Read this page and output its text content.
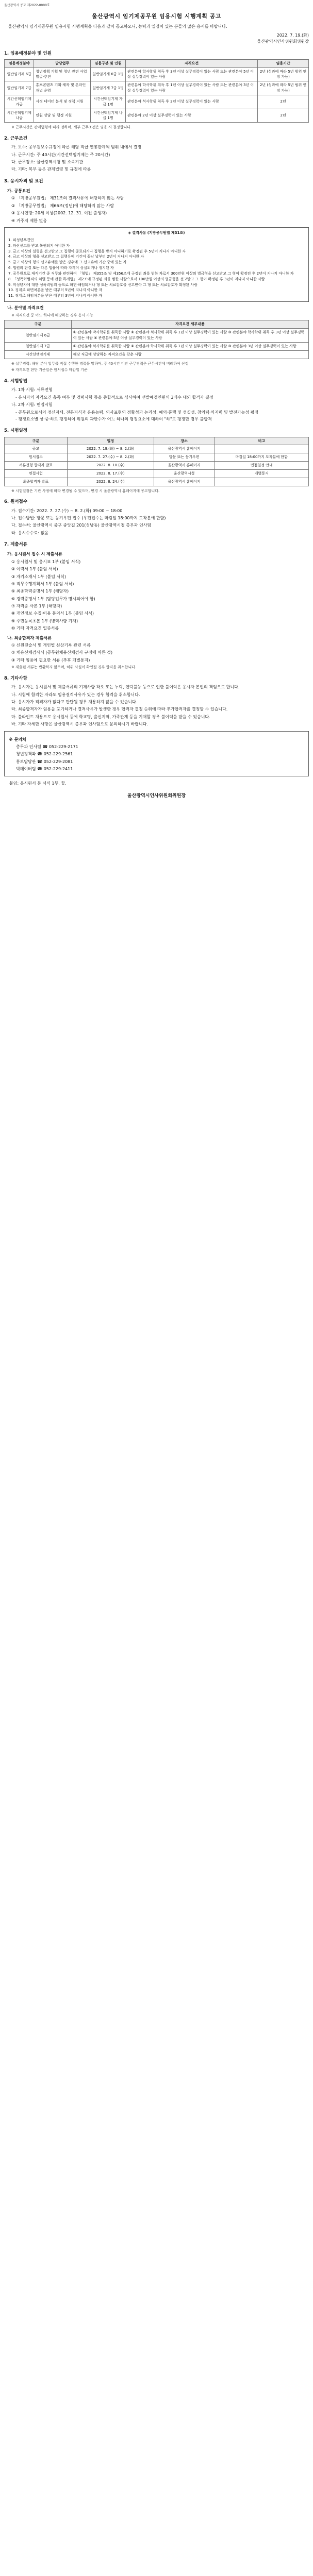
울산광역시 공고 제2022-0000호
울산광역시 임기제공무원 임용시험 시행계획 공고

울산광역시 임기제공무원 임용시험 시행계획을 다음과 같이 공고하오니, 능력과 열정이 있는 분들의 많은 응시를 바랍니다.

2022. 7. 19.(화)

울산광역시인사위원회위원장

1. 임용예정분야 및 인원
임용예정분야	담당업무	임용구분 및 인원	자격요건	임용기간
일반임기제 6급	청년정책 기획 및 청년 관련 사업 발굴·추진	일반임기제 6급 1명	관련분야 학사학위 취득 후 3년 이상 실무경력이 있는 사람 또는 관련분야 5년 이상 실무경력이 있는 사람	2년 (성과에 따라 5년 범위 연장 가능)
일반임기제 7급	홍보콘텐츠 기획·제작 및 온라인 채널 운영	일반임기제 7급 1명	관련분야 학사학위 취득 후 1년 이상 실무경력이 있는 사람 또는 관련분야 3년 이상 실무경력이 있는 사람	2년 (성과에 따라 5년 범위 연장 가능)
시간선택임기제 가급	시정 데이터 분석 및 정책 지원	시간선택임기제 가급 1명	관련분야 석사학위 취득 후 2년 이상 실무경력이 있는 사람	2년
시간선택임기제 나급	민원 상담 및 행정 지원	시간선택임기제 나급 1명	관련분야 2년 이상 실무경력이 있는 사람	2년
※ 근무시간은 관계법령에 따라 정하며, 세부 근무조건은 임용 시 결정합니다.
2. 근무조건
가. 보수: 공무원보수규정에 따른 해당 직급 연봉한계액 범위 내에서 결정
나. 근무시간: 주 40시간(시간선택임기제는 주 20시간)
다. 근무장소: 울산광역시청 및 소속기관
라. 기타: 복무 등은 관계법령 및 규정에 따름
3. 응시자격 및 요건
가. 공통요건
① 「지방공무원법」 제31조의 결격사유에 해당하지 않는 사람
② 「지방공무원법」 제66조(정년)에 해당하지 않는 사람
③ 응시연령: 20세 이상(2002. 12. 31. 이전 출생자)
④ 거주지 제한 없음
◈ 결격사유 (지방공무원법 제31조)
1. 피성년후견인
2. 파산선고를 받고 복권되지 아니한 자
3. 금고 이상의 실형을 선고받고 그 집행이 종료되거나 집행을 받지 아니하기로 확정된 후 5년이 지나지 아니한 자
4. 금고 이상의 형을 선고받고 그 집행유예 기간이 끝난 날부터 2년이 지나지 아니한 자
5. 금고 이상의 형의 선고유예를 받은 경우에 그 선고유예 기간 중에 있는 자
6. 법원의 판결 또는 다른 법률에 따라 자격이 상실되거나 정지된 자
7. 공무원으로 재직기간 중 직무와 관련하여 「형법」 제355조 및 제356조에 규정된 죄를 범한 자로서 300만원 이상의 벌금형을 선고받고 그 형이 확정된 후 2년이 지나지 아니한 자
8. 「성폭력범죄의 처벌 등에 관한 특례법」 제2조에 규정된 죄를 범한 사람으로서 100만원 이상의 벌금형을 선고받고 그 형이 확정된 후 3년이 지나지 아니한 사람
9. 미성년자에 대한 성폭력범죄 등으로 파면·해임되거나 형 또는 치료감호를 선고받아 그 형 또는 치료감호가 확정된 사람
10. 징계로 파면처분을 받은 때부터 5년이 지나지 아니한 자
11. 징계로 해임처분을 받은 때부터 3년이 지나지 아니한 자
나. 분야별 자격요건
※ 자격요건 중 어느 하나에 해당하는 경우 응시 가능
구분	자격요건 세부내용
일반임기제 6급	① 관련분야 박사학위를 취득한 사람 ② 관련분야 석사학위 취득 후 1년 이상 실무경력이 있는 사람 ③ 관련분야 학사학위 취득 후 3년 이상 실무경력이 있는 사람 ④ 관련분야 5년 이상 실무경력이 있는 사람
일반임기제 7급	① 관련분야 석사학위를 취득한 사람 ② 관련분야 학사학위 취득 후 1년 이상 실무경력이 있는 사람 ③ 관련분야 3년 이상 실무경력이 있는 사람
시간선택임기제	해당 직급에 상당하는 자격요건을 갖춘 사람
※ 실무경력: 해당 분야 업무를 직접 수행한 경력을 말하며, 주 40시간 미만 근무경력은 근무시간에 비례하여 산정
※ 자격요건 판단 기준일은 원서접수 마감일 기준
4. 시험방법
가. 1차 시험: 서류전형
- 응시자의 자격요건 충족 여부 및 경력사항 등을 종합적으로 심사하여 선발예정인원의 3배수 내외 합격자 결정
나. 2차 시험: 면접시험
- 공무원으로서의 정신자세, 전문지식과 응용능력, 의사표현의 정확성과 논리성, 예의·품행 및 성실성, 창의력·의지력 및 발전가능성 평정
- 평정요소별 상·중·하로 평정하여 위원의 과반수가 어느 하나의 평정요소에 대하여 "하"로 평정한 경우 불합격
5. 시험일정
구분	일정	장소	비고
공고	2022. 7. 19.(화) ~ 8. 2.(화)	울산광역시 홈페이지	
원서접수	2022. 7. 27.(수) ~ 8. 2.(화)	방문 또는 등기우편	마감일 18:00까지 도착분에 한함
서류전형 합격자 발표	2022. 8. 10.(수)	울산광역시 홈페이지	면접일정 안내
면접시험	2022. 8. 17.(수)	울산광역시청	개별통지
최종합격자 발표	2022. 8. 24.(수)	울산광역시 홈페이지	
※ 시험일정은 기관 사정에 따라 변경될 수 있으며, 변경 시 울산광역시 홈페이지에 공고합니다.
6. 원서접수
가. 접수기간: 2022. 7. 27.(수) ~ 8. 2.(화) 09:00 ~ 18:00
나. 접수방법: 방문 또는 등기우편 접수 (우편접수는 마감일 18:00까지 도착분에 한함)
다. 접수처: 울산광역시 중구 중앙길 201(성남동) 울산광역시청 총무과 인사팀
라. 응시수수료: 없음
7. 제출서류
가. 응시원서 접수 시 제출서류
① 응시원서 및 응시표 1부 (붙임 서식)
② 이력서 1부 (붙임 서식)
③ 자기소개서 1부 (붙임 서식)
④ 직무수행계획서 1부 (붙임 서식)
⑤ 최종학력증명서 1부 (해당자)
⑥ 경력증명서 1부 (담당업무가 명시되어야 함)
⑦ 자격증 사본 1부 (해당자)
⑧ 개인정보 수집·이용 동의서 1부 (붙임 서식)
⑨ 주민등록초본 1부 (병역사항 기재)
⑩ 기타 자격요건 입증서류
나. 최종합격자 제출서류
① 신원진술서 및 개인별 신상기록 관련 서류
② 채용신체검사서 (공무원채용신체검사 규정에 따른 것)
③ 기타 임용에 필요한 서류 (추후 개별통지)
※ 제출된 서류는 반환하지 않으며, 허위 사실이 확인될 경우 합격을 취소합니다.
8. 기타사항
가. 응시자는 응시원서 및 제출서류의 기재사항 착오 또는 누락, 연락불능 등으로 인한 불이익은 응시자 본인의 책임으로 합니다.
나. 시험에 합격한 자라도 임용결격사유가 있는 경우 합격을 취소합니다.
다. 응시자가 적격자가 없다고 판단될 경우 채용하지 않을 수 있습니다.
라. 최종합격자가 임용을 포기하거나 결격사유가 발생한 경우 합격자 결정 순위에 따라 추가합격자를 결정할 수 있습니다.
마. 블라인드 채용으로 응시원서 등에 학교명, 출신지역, 가족관계 등을 기재할 경우 불이익을 받을 수 있습니다.
바. 기타 자세한 사항은 울산광역시 총무과 인사팀으로 문의하시기 바랍니다.
※ 문의처
총무과 인사팀 ☎ 052-229-2171
청년정책과 ☎ 052-229-2561
홍보담당관 ☎ 052-229-2081
빅데이터팀 ☎ 052-229-2411
붙임: 응시원서 등 서식 1부. 끝.
울산광역시인사위원회위원장
